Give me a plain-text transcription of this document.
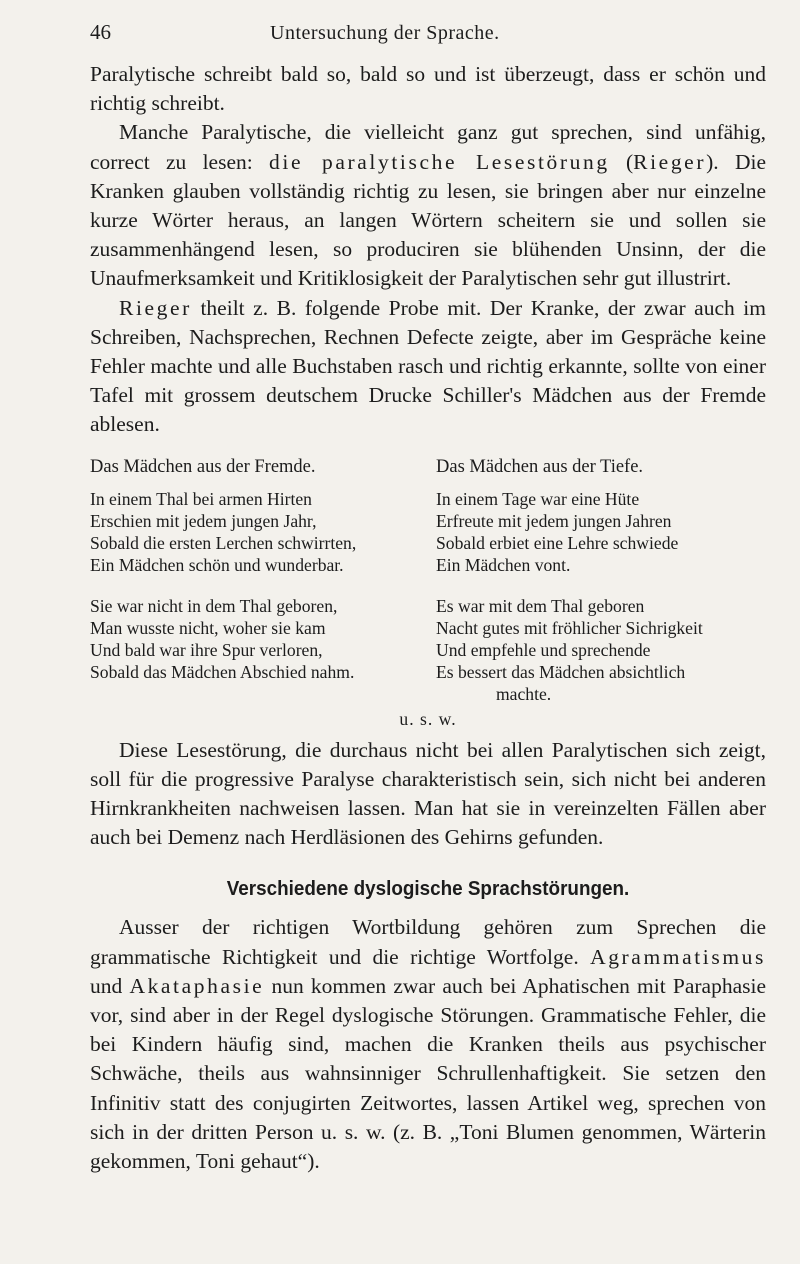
46	Untersuchung der Sprache.

Paralytische schreibt bald so, bald so und ist überzeugt, dass er schön und richtig schreibt.

Manche Paralytische, die vielleicht ganz gut sprechen, sind unfähig, correct zu lesen: die paralytische Lesestörung (Rieger). Die Kranken glauben vollständig richtig zu lesen, sie bringen aber nur einzelne kurze Wörter heraus, an langen Wörtern scheitern sie und sollen sie zusammenhängend lesen, so produciren sie blühenden Unsinn, der die Unaufmerksamkeit und Kritiklosigkeit der Paralytischen sehr gut illustrirt.

Rieger theilt z. B. folgende Probe mit. Der Kranke, der zwar auch im Schreiben, Nachsprechen, Rechnen Defecte zeigte, aber im Gespräche keine Fehler machte und alle Buchstaben rasch und richtig erkannte, sollte von einer Tafel mit grossem deutschem Drucke Schiller's Mädchen aus der Fremde ablesen.

Das Mädchen aus der Fremde.
In einem Thal bei armen Hirten
Erschien mit jedem jungen Jahr,
Sobald die ersten Lerchen schwirrten,
Ein Mädchen schön und wunderbar.
Sie war nicht in dem Thal geboren,
Man wusste nicht, woher sie kam
Und bald war ihre Spur verloren,
Sobald das Mädchen Abschied nahm.
Das Mädchen aus der Tiefe.
In einem Tage war eine Hüte
Erfreute mit jedem jungen Jahren
Sobald erbiet eine Lehre schwiede
Ein Mädchen vont.
Es war mit dem Thal geboren
Nacht gutes mit fröhlicher Sichrigkeit
Und empfehle und sprechende
Es bessert das Mädchen absichtlich
machte.
u. s. w.

Diese Lesestörung, die durchaus nicht bei allen Paralytischen sich zeigt, soll für die progressive Paralyse charakteristisch sein, sich nicht bei anderen Hirnkrankheiten nachweisen lassen. Man hat sie in vereinzelten Fällen aber auch bei Demenz nach Herdläsionen des Gehirns gefunden.

Verschiedene dyslogische Sprachstörungen.

Ausser der richtigen Wortbildung gehören zum Sprechen die grammatische Richtigkeit und die richtige Wortfolge. Agrammatismus und Akataphasie nun kommen zwar auch bei Aphatischen mit Paraphasie vor, sind aber in der Regel dyslogische Störungen. Grammatische Fehler, die bei Kindern häufig sind, machen die Kranken theils aus psychischer Schwäche, theils aus wahnsinniger Schrullenhaftigkeit. Sie setzen den Infinitiv statt des conjugirten Zeitwortes, lassen Artikel weg, sprechen von sich in der dritten Person u. s. w. (z. B. „Toni Blumen genommen, Wärterin gekommen, Toni gehaut“).
